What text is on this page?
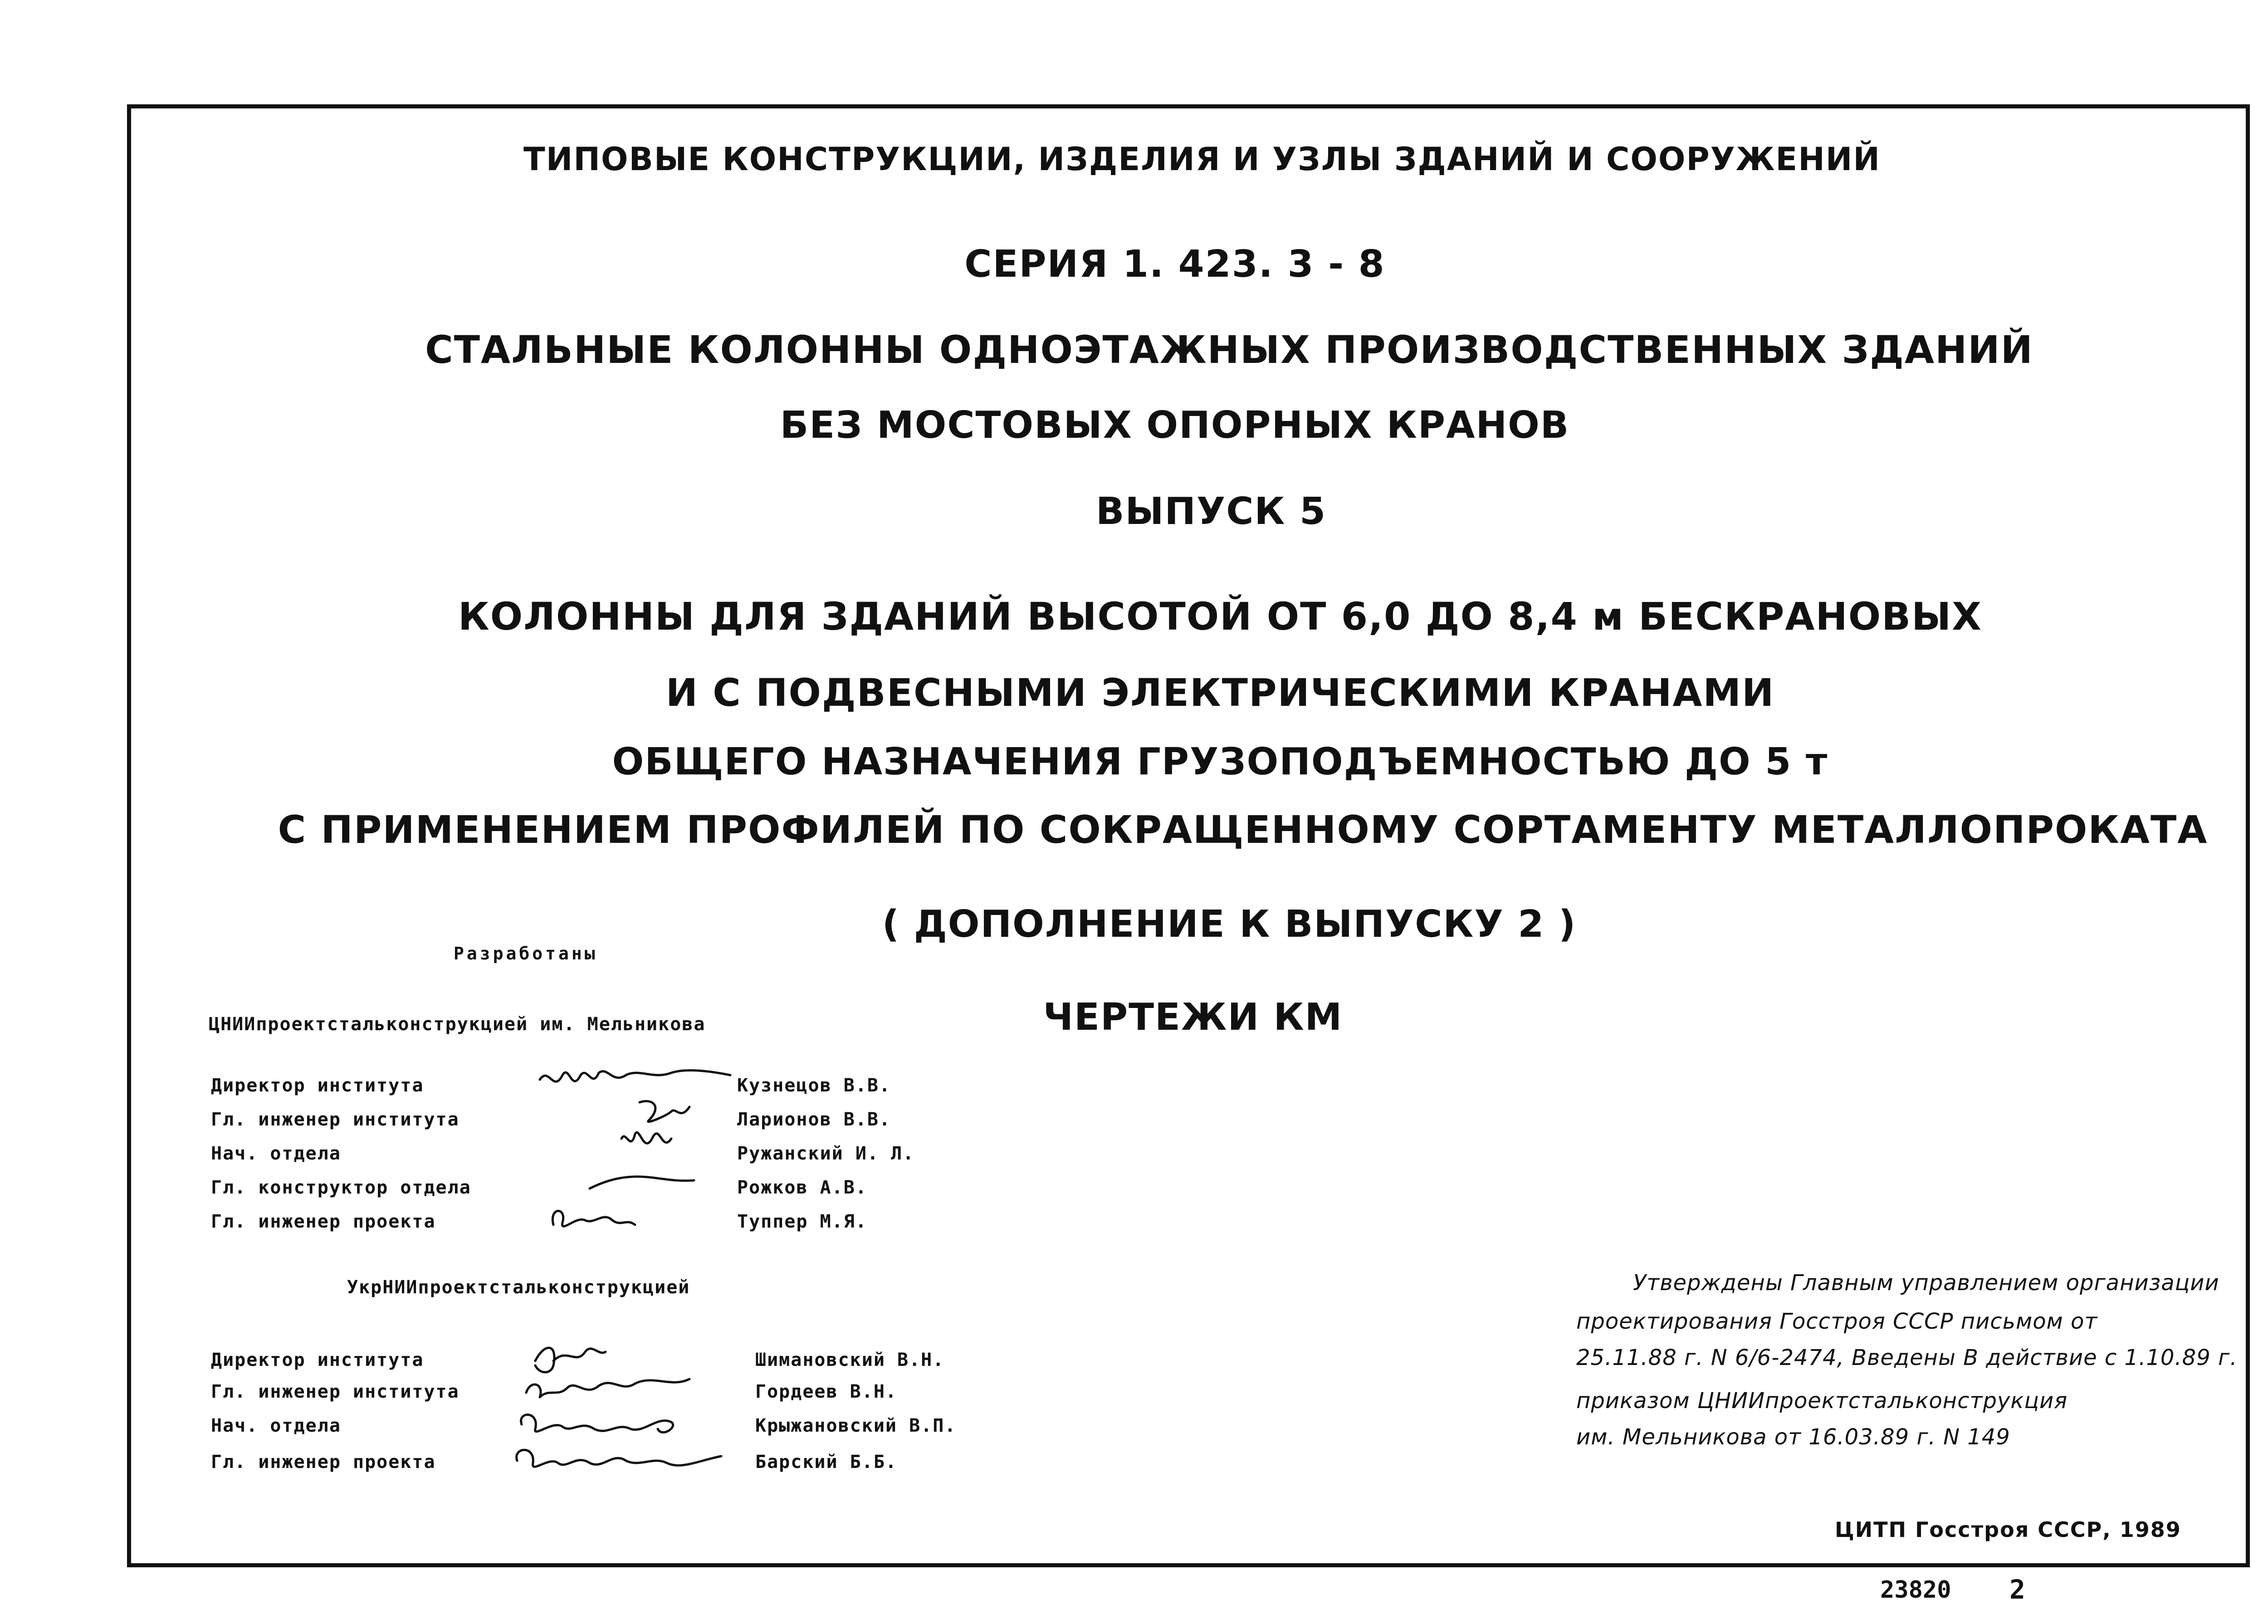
ТИПОВЫЕ КОНСТРУКЦИИ, ИЗДЕЛИЯ И УЗЛЫ ЗДАНИЙ И СООРУЖЕНИЙ
СЕРИЯ 1. 423. 3 - 8
СТАЛЬНЫЕ КОЛОННЫ ОДНОЭТАЖНЫХ ПРОИЗВОДСТВЕННЫХ ЗДАНИЙ
БЕЗ МОСТОВЫХ ОПОРНЫХ КРАНОВ
ВЫПУСК 5
КОЛОННЫ ДЛЯ ЗДАНИЙ ВЫСОТОЙ ОТ 6,0 ДО 8,4 м БЕСКРАНОВЫХ
И С ПОДВЕСНЫМИ ЭЛЕКТРИЧЕСКИМИ КРАНАМИ
ОБЩЕГО НАЗНАЧЕНИЯ ГРУЗОПОДЪЕМНОСТЬЮ ДО 5 т
С ПРИМЕНЕНИЕМ ПРОФИЛЕЙ ПО СОКРАЩЕННОМУ СОРТАМЕНТУ МЕТАЛЛОПРОКАТА
( ДОПОЛНЕНИЕ К ВЫПУСКУ 2 )
ЧЕРТЕЖИ КМ
Разработаны
ЦНИИпроектстальконструкцией им. Мельникова
Директор института
Гл. инженер института
Нач. отдела
Гл. конструктор отдела
Гл. инженер проекта
Кузнецов В.В.
Ларионов В.В.
Ружанский И. Л.
Рожков А.В.
Туппер М.Я.
УкрНИИпроектстальконструкцией
Директор института
Гл. инженер института
Нач. отдела
Гл. инженер проекта
Шимановский В.Н.
Гордеев В.Н.
Крыжановский В.П.
Барский Б.Б.
Утверждены Главным управлением организации
проектирования Госстроя СССР письмом от
25.11.88 г. N 6/6-2474, Введены В действие с 1.10.89 г.
приказом ЦНИИпроектстальконструкция
им. Мельникова от 16.03.89 г. N 149
ЦИТП Госстроя СССР, 1989
23820 2
